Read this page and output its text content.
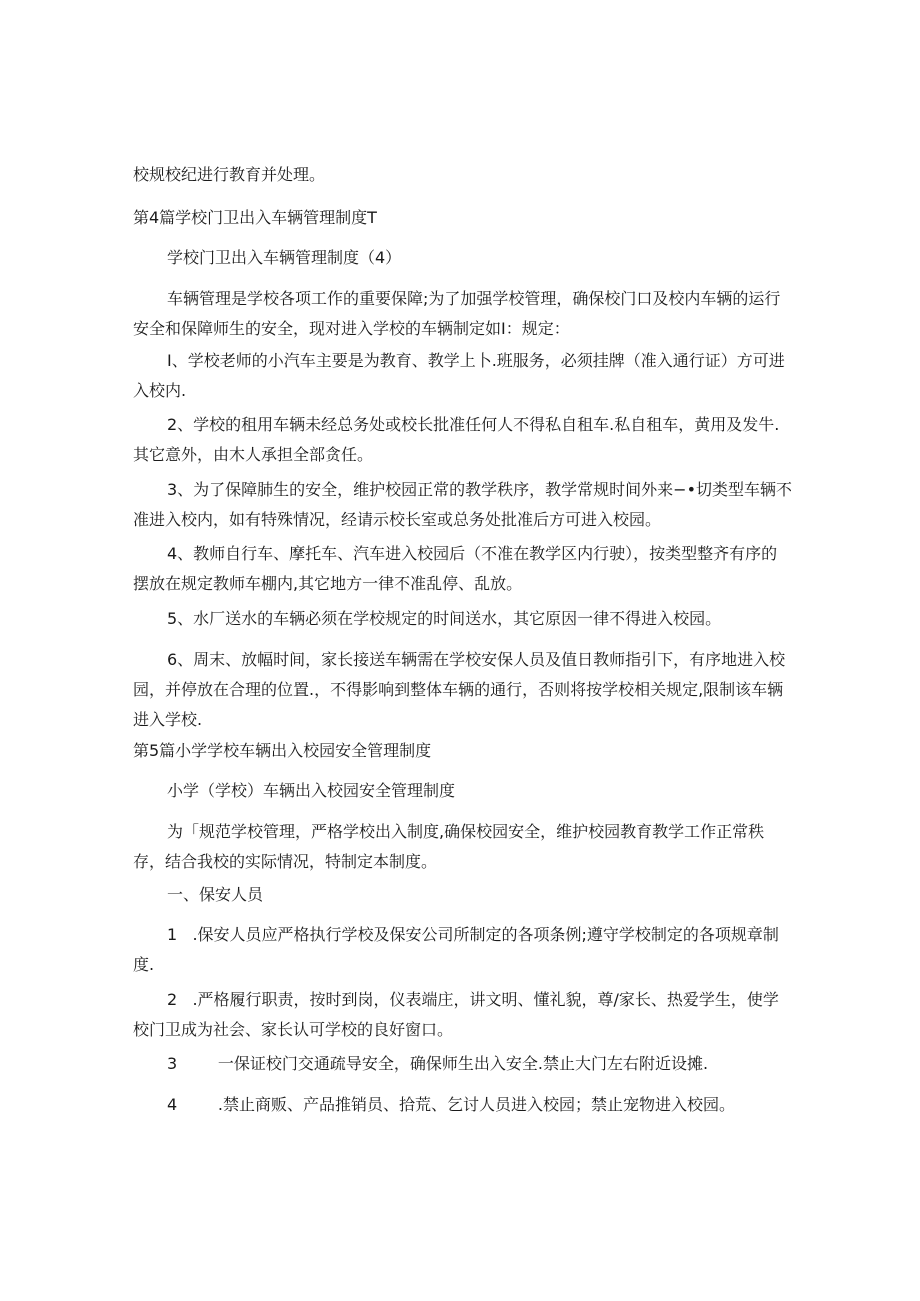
校规校纪进行教育并处理。

第4篇学校门卫出入车辆管理制度T

学校门卫出入车辆管理制度（4）

车辆管理是学校各项工作的重要保障;为了加强学校管理，确保校门口及校内车辆的运行安全和保障师生的安全，现对进入学校的车辆制定如I：规定：

I、学校老师的小汽车主要是为教育、教学上卜.班服务，必须挂牌（准入通行证）方可进入校内.

2、学校的租用车辆未经总务处或校长批准任何人不得私自租车.私自租车，黄用及发牛.其它意外，由木人承担全部贪任。

3、为了保障肺生的安全，维护校园正常的教学秩序，教学常规时间外来−•切类型车辆不准进入校内，如有特殊情况，经请示校长室或总务处批准后方可进入校园。

4、教师自行车、摩托车、汽车进入校园后（不准在教学区内行驶），按类型整齐有序的摆放在规定教师车棚内,其它地方一律不准乱停、乱放。

5、水厂送水的车辆必须在学校规定的时间送水，其它原因一律不得进入校园。

6、周末、放幅时间，家长接送车辆需在学校安保人员及值日教师指引下，有序地进入校园，并停放在合理的位置.，不得影响到整体车辆的通行，否则将按学校相关规定,限制该车辆进入学校.

第5篇小学学校车辆出入校园安全管理制度

小学（学校）车辆出入校园安全管理制度

为「规范学校管理，严格学校出入制度,确保校园安全，维护校园教育教学工作正常秩存，结合我校的实际情况，特制定本制度。

一、保安人员

1   .保安人员应严格执行学校及保安公司所制定的各项条例;遵守学校制定的各项规章制度.

2   .严格履行职责，按时到岗，仪表端庄，讲文明、懂礼貌，尊/家长、热爱学生，使学校门卫成为社会、家长认可学校的良好窗口。

3        一保证校门交通疏导安全，确保师生出入安全.禁止大门左右附近设摊.

4        .禁止商贩、产品推销员、拾荒、乞讨人员进入校园；禁止宠物进入校园。
